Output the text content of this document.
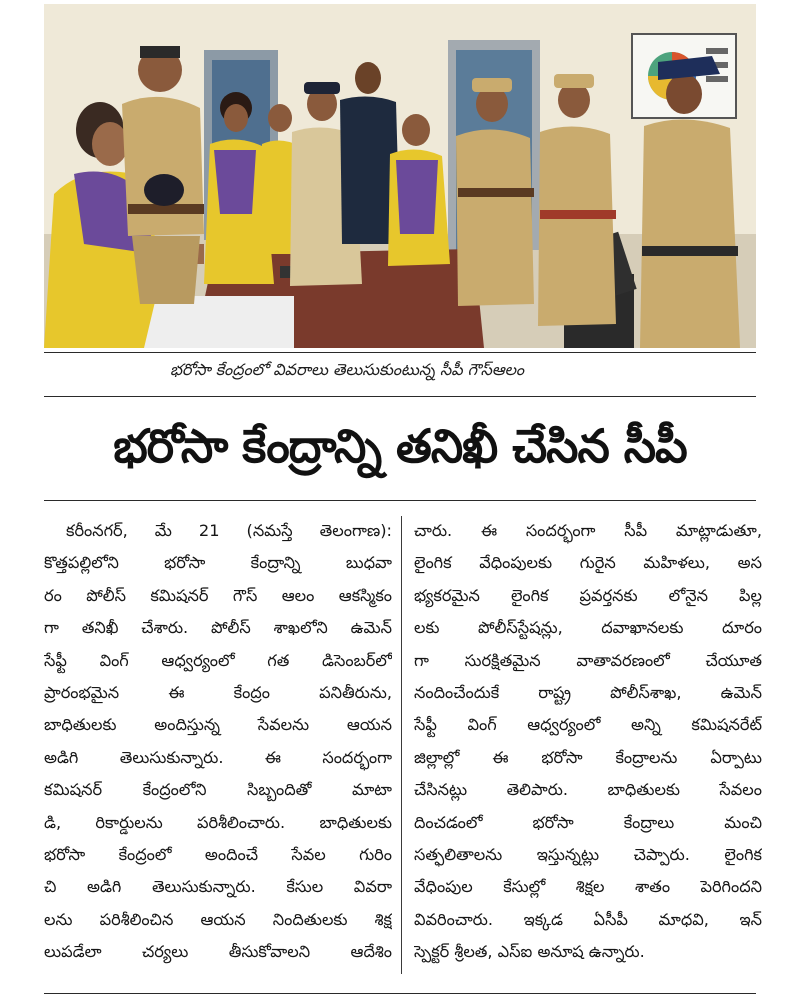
భరోసా కేంద్రంలో వివరాలు తెలుసుకుంటున్న సీపీ గౌస్‌ఆలం
భరోసా కేంద్రాన్ని తనిఖీ చేసిన సీపీ
కరీంనగర్, మే 21 (నమస్తే తెలంగాణ):
కొత్తపల్లిలోని భరోసా కేంద్రాన్ని బుధవా
రం పోలీస్ కమిషనర్ గౌస్ ఆలం ఆకస్మికం
గా తనిఖీ చేశారు. పోలీస్ శాఖలోని ఉమెన్
సేఫ్టీ వింగ్ ఆధ్వర్యంలో గత డిసెంబర్‌లో
ప్రారంభమైన ఈ కేంద్రం పనితీరును,
బాధితులకు అందిస్తున్న సేవలను ఆయన
అడిగి తెలుసుకున్నారు. ఈ సందర్భంగా
కమిషనర్ కేంద్రంలోని సిబ్బందితో మాటా
డి, రికార్డులను పరిశీలించారు. బాధితులకు
భరోసా కేంద్రంలో అందించే సేవల గురిం
చి అడిగి తెలుసుకున్నారు. కేసుల వివరా
లను పరిశీలించిన ఆయన నిందితులకు శిక్ష
లుపడేలా చర్యలు తీసుకోవాలని ఆదేశిం
చారు. ఈ సందర్భంగా సీపీ మాట్లాడుతూ,
లైంగిక వేధింపులకు గురైన మహిళలు, అస
భ్యకరమైన లైంగిక ప్రవర్తనకు లోనైన పిల్ల
లకు పోలీస్‌స్టేషన్లు, దవాఖానలకు దూరం
గా సురక్షితమైన వాతావరణంలో చేయూత
నందించేందుకే రాష్ట్ర పోలీస్‌శాఖ, ఉమెన్
సేఫ్టీ వింగ్ ఆధ్వర్యంలో అన్ని కమిషనరేట్
జిల్లాల్లో ఈ భరోసా కేంద్రాలను ఏర్పాటు
చేసినట్లు తెలిపారు. బాధితులకు సేవలం
దించడంలో భరోసా కేంద్రాలు మంచి
సత్ఫలితాలను ఇస్తున్నట్లు చెప్పారు. లైంగిక
వేధింపుల కేసుల్లో శిక్షల శాతం పెరిగిందని
వివరించారు. ఇక్కడ ఏసీపీ మాధవి, ఇన్
స్పెక్టర్ శ్రీలత, ఎస్‌ఐ అనూష ఉన్నారు.
